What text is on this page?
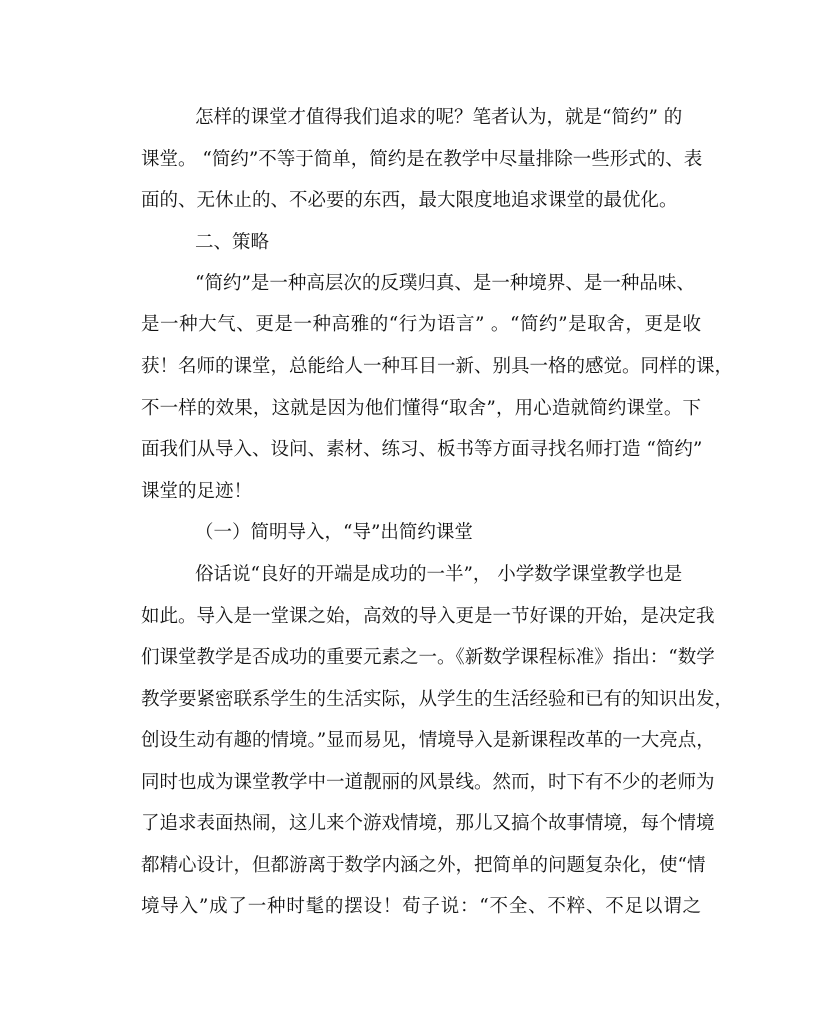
怎样的课堂才值得我们追求的呢？笔者认为，就是“简约” 的
课堂。 “简约”不等于简单，简约是在教学中尽量排除一些形式的、表
面的、无休止的、不必要的东西，最大限度地追求课堂的最优化。
二、策略
“简约”是一种高层次的反璞归真、是一种境界、是一种品味、
是一种大气、更是一种高雅的“行为语言” 。“简约”是取舍，更是收
获！名师的课堂，总能给人一种耳目一新、别具一格的感觉。同样的课，
不一样的效果，这就是因为他们懂得“取舍”，用心造就简约课堂。下
面我们从导入、设问、素材、练习、板书等方面寻找名师打造 “简约”
课堂的足迹！
（一）简明导入，“导”出简约课堂
俗话说“良好的开端是成功的一半”， 小学数学课堂教学也是
如此。导入是一堂课之始，高效的导入更是一节好课的开始，是决定我
们课堂教学是否成功的重要元素之一。《新数学课程标准》指出：“数学
教学要紧密联系学生的生活实际，从学生的生活经验和已有的知识出发，
创设生动有趣的情境。”显而易见，情境导入是新课程改革的一大亮点，
同时也成为课堂教学中一道靓丽的风景线。然而，时下有不少的老师为
了追求表面热闹，这儿来个游戏情境，那儿又搞个故事情境，每个情境
都精心设计，但都游离于数学内涵之外，把简单的问题复杂化，使“情
境导入”成了一种时髦的摆设！荀子说：“不全、不粹、不足以谓之
